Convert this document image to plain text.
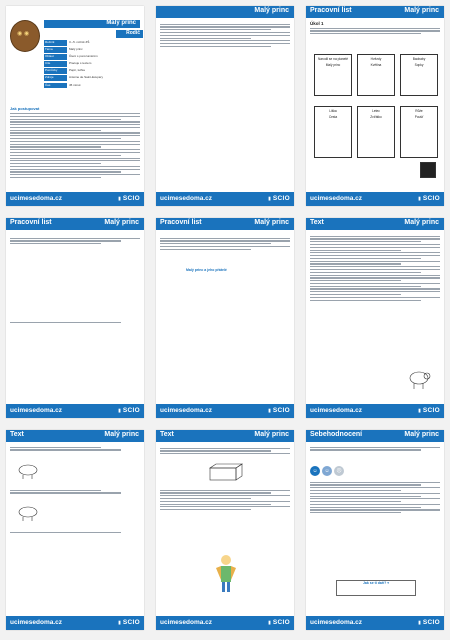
◉ ◉
Malý princ
Rodič
Ročník	3.–5. ročník ZŠ
Téma	Malý princ
Oblast	Čtení s porozuměním
Cíle	Pracuje s textem
Pomůcky	Papír, tužka
Zdroje	Antoine de Saint-Exupéry
Čas	45 minut
Jak postupovat
ucimesedoma.cz	▮ SCIO
Malý princ
ucimesedoma.cz	▮ SCIO
Pracovní list	Malý princ
Úkol 1
Narodil se na planetě
Malý princ
Hvězdy
Květina
Baobaby
Sopky
Liška
Cesta
Letec
Zvířátko
Růže
Poušť
ucimesedoma.cz	▮ SCIO
Pracovní list	Malý princ
ucimesedoma.cz	▮ SCIO
Pracovní list	Malý princ
Malý princ a jeho přátelé
ucimesedoma.cz	▮ SCIO
Text	Malý princ
ucimesedoma.cz	▮ SCIO
Text	Malý princ
ucimesedoma.cz	▮ SCIO
Text	Malý princ
ucimesedoma.cz	▮ SCIO
Sebehodnocení	Malý princ
☺	☺	☹
Jak se ti daří? ▾
ucimesedoma.cz	▮ SCIO
